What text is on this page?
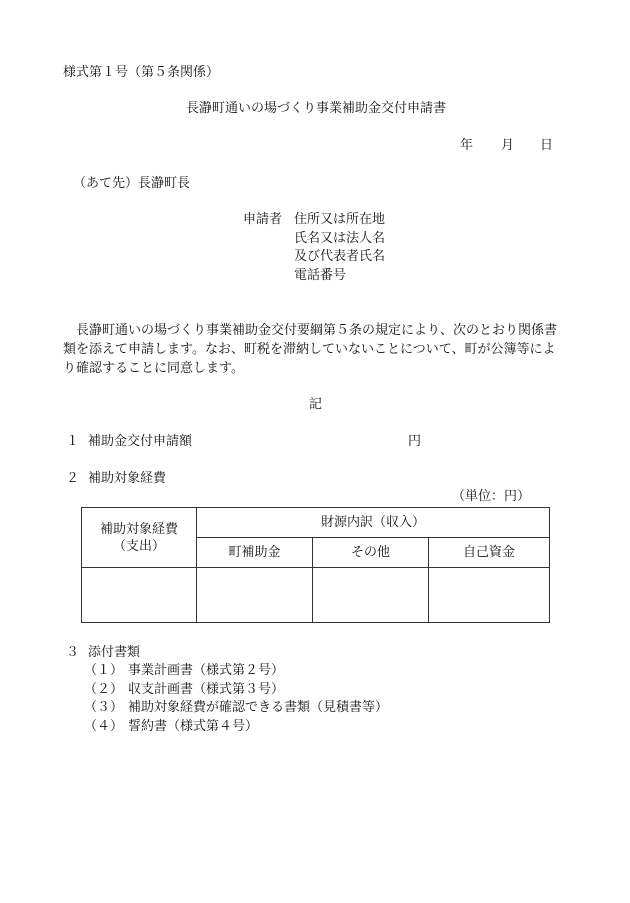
様式第１号（第５条関係）
長瀞町通いの場づくり事業補助金交付申請書
年 月 日
（あて先）長瀞町長
申請者 住所又は所在地
氏名又は法人名
及び代表者氏名
電話番号
長瀞町通いの場づくり事業補助金交付要綱第５条の規定により、次のとおり関係書
類を添えて申請します。なお、町税を滞納していないことについて、町が公簿等によ
り確認することに同意します。
記
１ 補助金交付申請額	円
２ 補助対象経費
（単位：円）
補助対象経費
（支出）	財源内訳（収入）		
	町補助金	その他	自己資金

３ 添付書類
（１） 事業計画書（様式第２号）
（２） 収支計画書（様式第３号）
（３） 補助対象経費が確認できる書類（見積書等）
（４） 誓約書（様式第４号）
